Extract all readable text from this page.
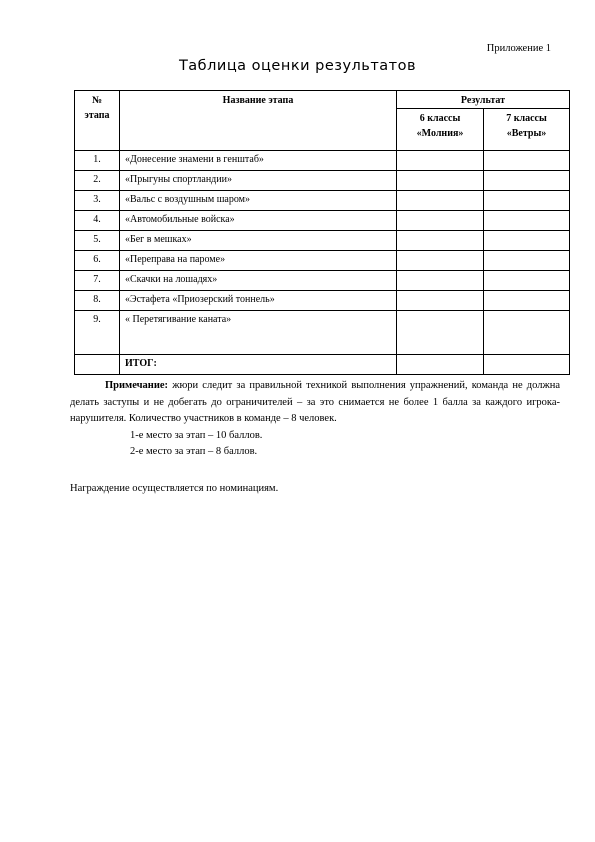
Приложение 1
Таблица оценки результатов
№ этапа	Название этапа	Результат	
		6 классы «Молния»	7 классы «Ветры»
1.	«Донесение знамени в генштаб»		
2.	«Прыгуны спортландии»		
3.	«Вальс с воздушным шаром»		
4.	«Автомобильные войска»		
5.	«Бег в мешках»		
6.	«Переправа на пароме»		
7.	«Скачки на лошадях»		
8.	«Эстафета «Приозерский тоннель»		
9.	« Перетягивание каната»		
	ИТОГ:		

Примечание: жюри следит за правильной техникой выполнения упражнений, команда не должна делать заступы и не добегать до ограничителей – за это снимается не более 1 балла за каждого игрока-нарушителя. Количество участников в команде – 8 человек.

1-е место за этап – 10 баллов.

2-е место за этап – 8 баллов.

Награждение осуществляется по номинациям.
